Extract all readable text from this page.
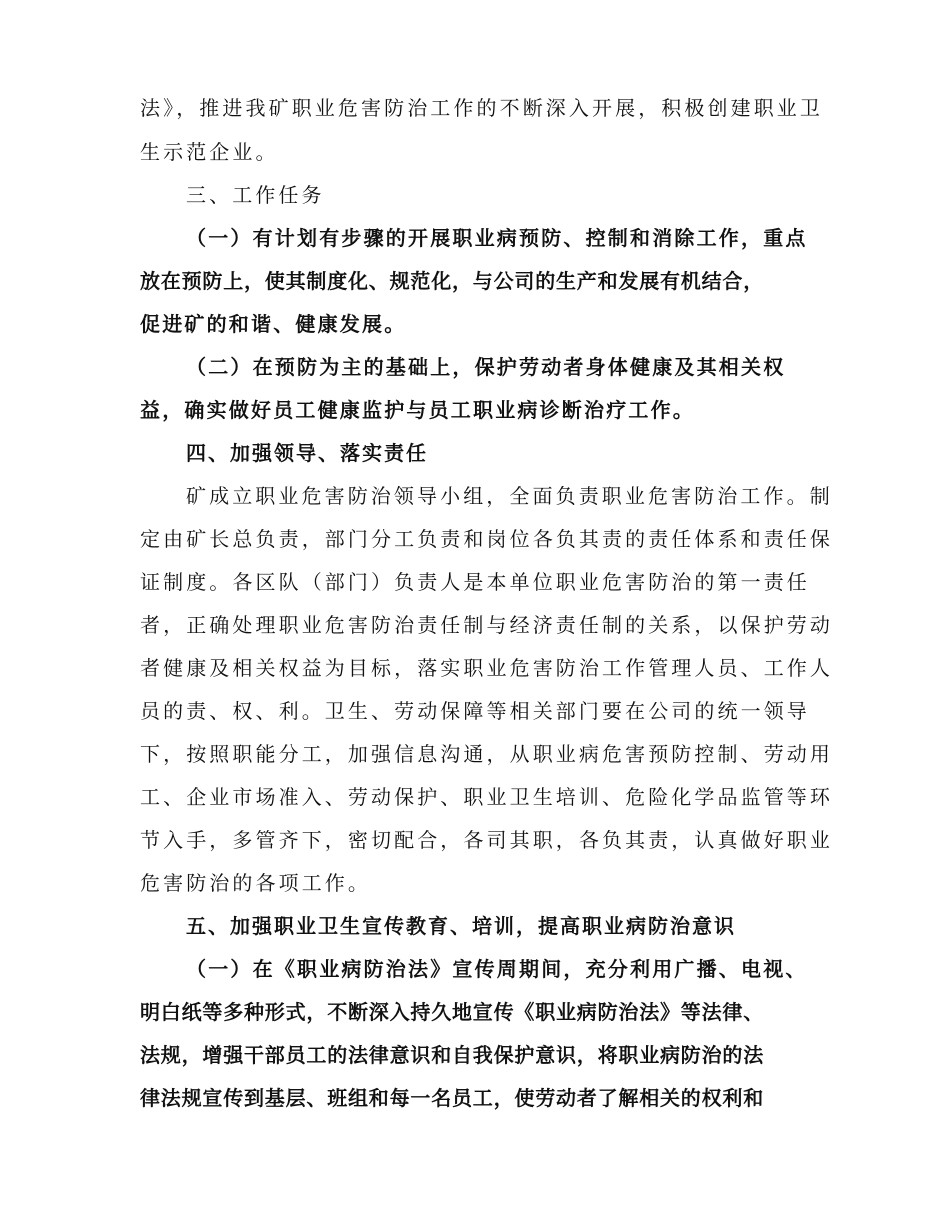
法》，推进我矿职业危害防治工作的不断深入开展，积极创建职业卫
生示范企业。
三、工作任务
（一）有计划有步骤的开展职业病预防、控制和消除工作，重点
放在预防上，使其制度化、规范化，与公司的生产和发展有机结合，
促进矿的和谐、健康发展。
（二）在预防为主的基础上，保护劳动者身体健康及其相关权
益，确实做好员工健康监护与员工职业病诊断治疗工作。
四、加强领导、落实责任
矿成立职业危害防治领导小组，全面负责职业危害防治工作。制
定由矿长总负责，部门分工负责和岗位各负其责的责任体系和责任保
证制度。各区队（部门）负责人是本单位职业危害防治的第一责任
者，正确处理职业危害防治责任制与经济责任制的关系，以保护劳动
者健康及相关权益为目标，落实职业危害防治工作管理人员、工作人
员的责、权、利。卫生、劳动保障等相关部门要在公司的统一领导
下，按照职能分工，加强信息沟通，从职业病危害预防控制、劳动用
工、企业市场准入、劳动保护、职业卫生培训、危险化学品监管等环
节入手，多管齐下，密切配合，各司其职，各负其责，认真做好职业
危害防治的各项工作。
五、加强职业卫生宣传教育、培训，提高职业病防治意识
（一）在《职业病防治法》宣传周期间，充分利用广播、电视、
明白纸等多种形式，不断深入持久地宣传《职业病防治法》等法律、
法规，增强干部员工的法律意识和自我保护意识，将职业病防治的法
律法规宣传到基层、班组和每一名员工，使劳动者了解相关的权利和
